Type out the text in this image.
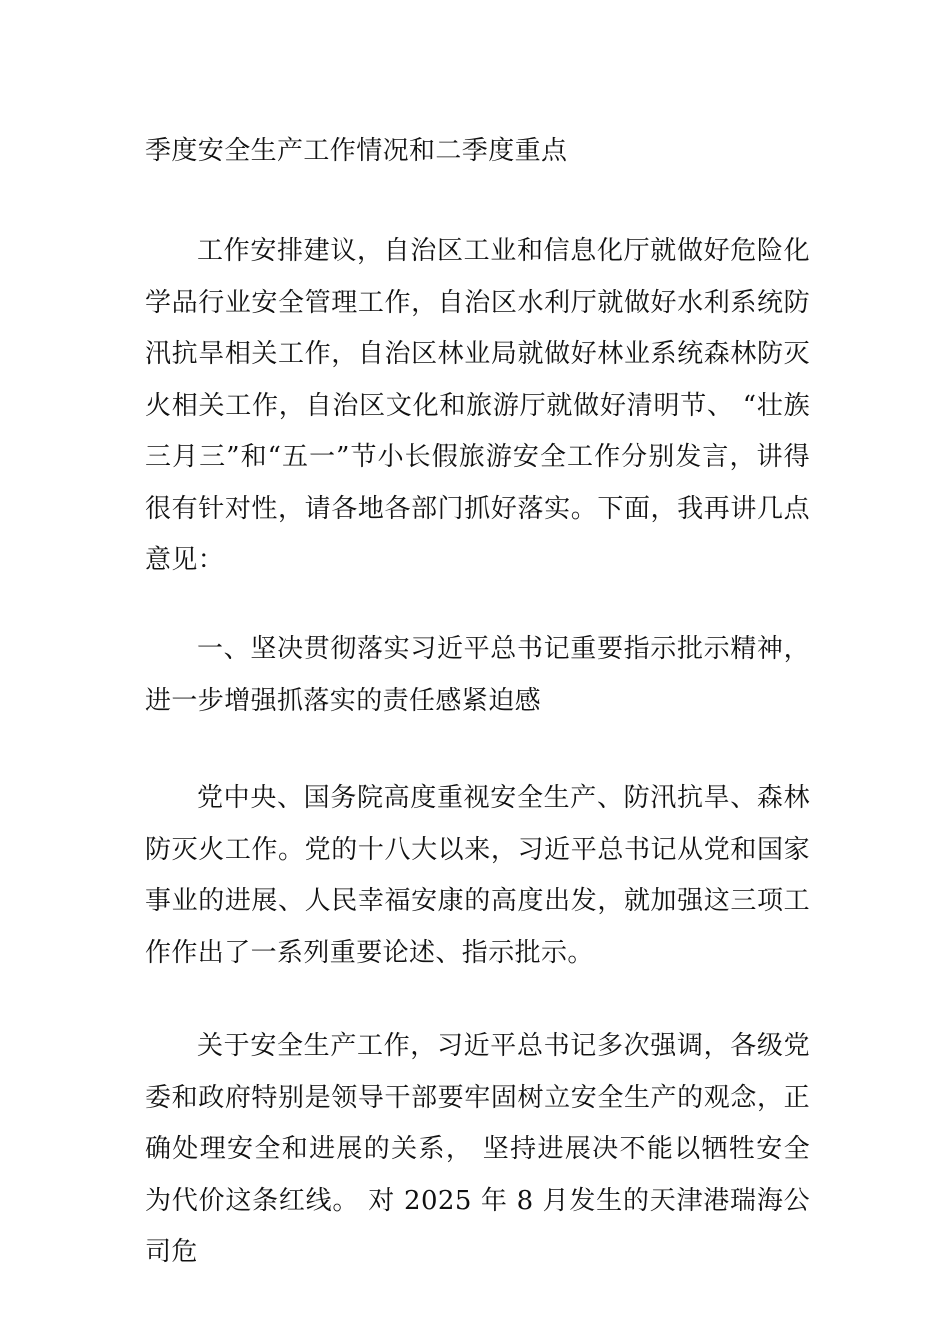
季度安全生产工作情况和二季度重点

工作安排建议，自治区工业和信息化厅就做好危险化学品行业安全管理工作，自治区水利厅就做好水利系统防汛抗旱相关工作，自治区林业局就做好林业系统森林防灭火相关工作，自治区文化和旅游厅就做好清明节、 “壮族三月三”和“五一”节小长假旅游安全工作分别发言，讲得很有针对性，请各地各部门抓好落实。下面，我再讲几点意见：

一、坚决贯彻落实习近平总书记重要指示批示精神，进一步增强抓落实的责任感紧迫感

党中央、国务院高度重视安全生产、防汛抗旱、森林防灭火工作。党的十八大以来，习近平总书记从党和国家事业的进展、人民幸福安康的高度出发，就加强这三项工作作出了一系列重要论述、指示批示。

关于安全生产工作，习近平总书记多次强调，各级党委和政府特别是领导干部要牢固树立安全生产的观念，正确处理安全和进展的关系， 坚持进展决不能以牺牲安全为代价这条红线。 对 2025 年 8 月发生的天津港瑞海公司危
